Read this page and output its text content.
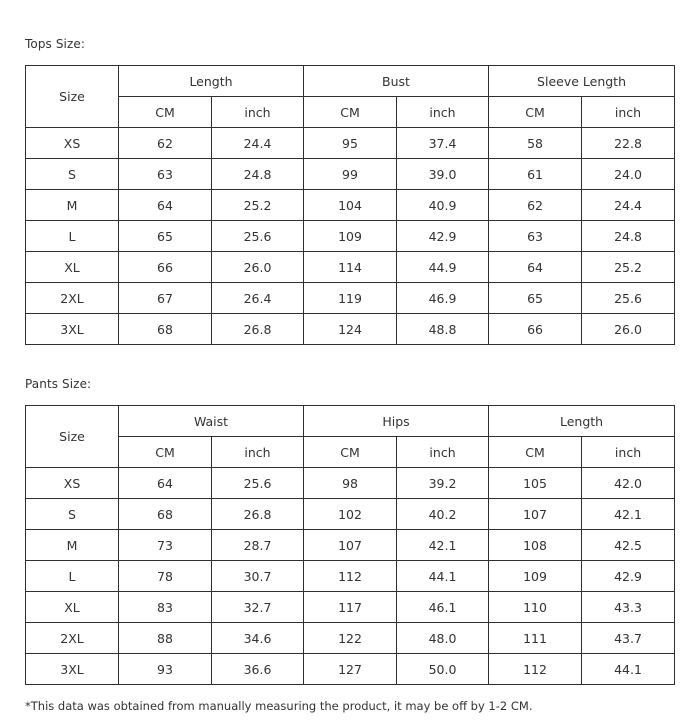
Tops Size:
Size	Length		Bust		Sleeve Length	
	CM	inch	CM	inch	CM	inch
XS	62	24.4	95	37.4	58	22.8
S	63	24.8	99	39.0	61	24.0
M	64	25.2	104	40.9	62	24.4
L	65	25.6	109	42.9	63	24.8
XL	66	26.0	114	44.9	64	25.2
2XL	67	26.4	119	46.9	65	25.6
3XL	68	26.8	124	48.8	66	26.0
Pants Size:
Size	Waist		Hips		Length	
	CM	inch	CM	inch	CM	inch
XS	64	25.6	98	39.2	105	42.0
S	68	26.8	102	40.2	107	42.1
M	73	28.7	107	42.1	108	42.5
L	78	30.7	112	44.1	109	42.9
XL	83	32.7	117	46.1	110	43.3
2XL	88	34.6	122	48.0	111	43.7
3XL	93	36.6	127	50.0	112	44.1
*This data was obtained from manually measuring the product, it may be off by 1-2 CM.
